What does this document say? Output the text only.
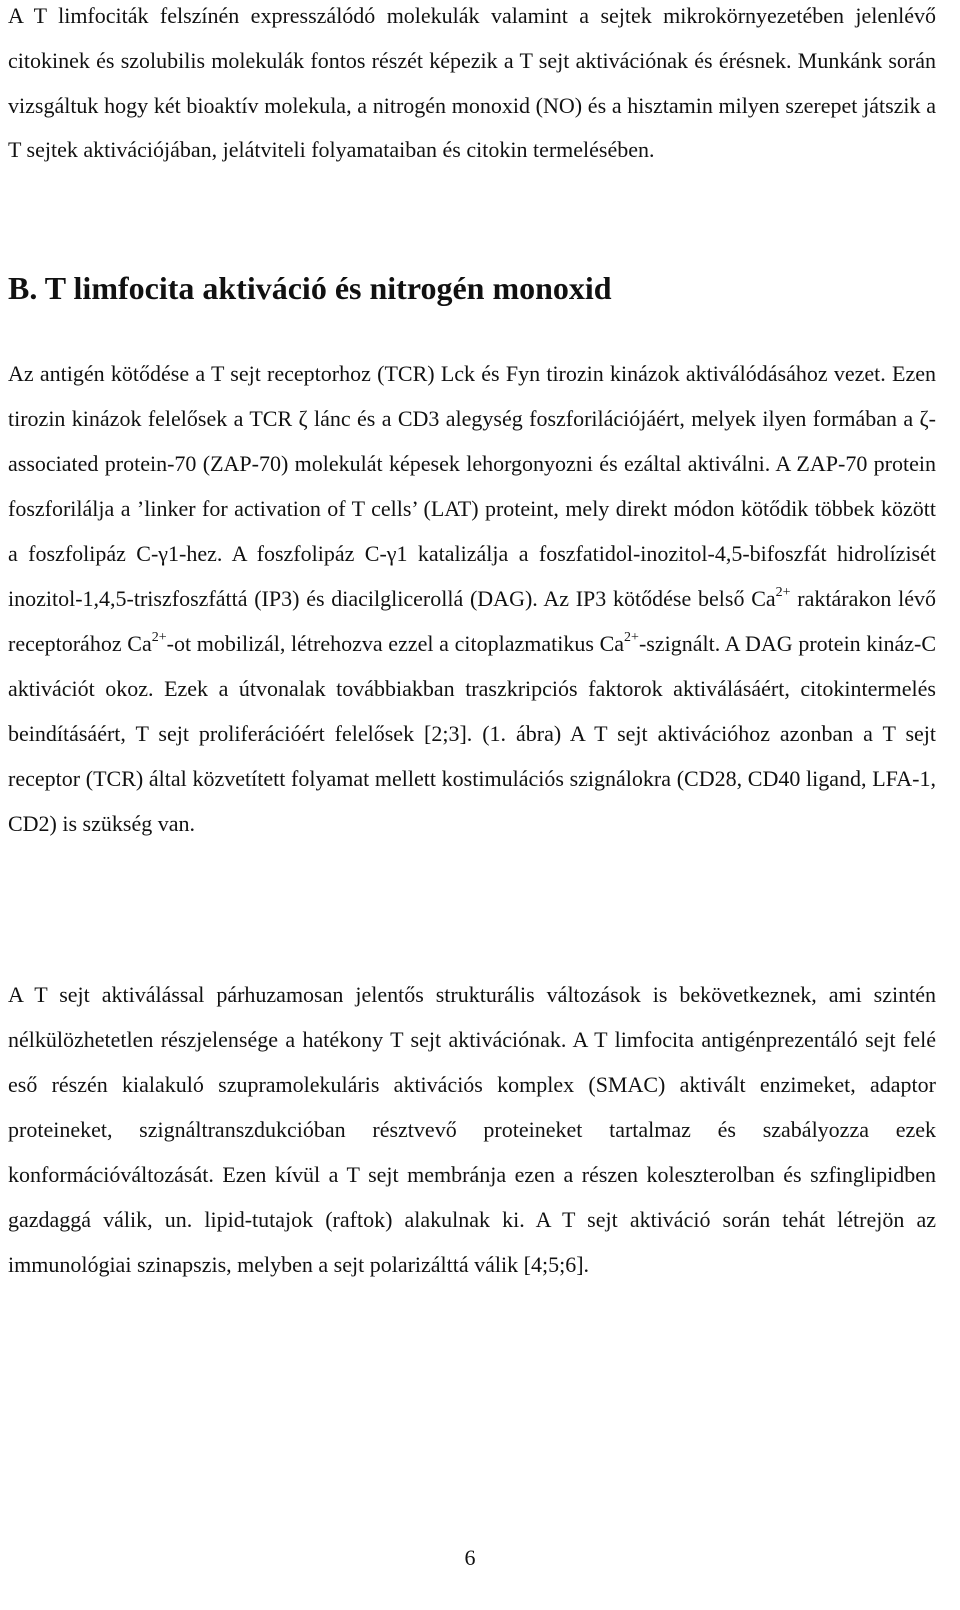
A T limfociták felszínén expresszálódó molekulák valamint a sejtek mikrokörnyezetében jelenlévő citokinek és szolubilis molekulák fontos részét képezik a T sejt aktivációnak és érésnek. Munkánk során vizsgáltuk hogy két bioaktív molekula, a nitrogén monoxid (NO) és a hisztamin milyen szerepet játszik a T sejtek aktivációjában, jelátviteli folyamataiban és citokin termelésében.

B. T limfocita aktiváció és nitrogén monoxid

Az antigén kötődése a T sejt receptorhoz (TCR) Lck és Fyn tirozin kinázok aktiválódásához vezet. Ezen tirozin kinázok felelősek a TCR ζ lánc és a CD3 alegység foszforilációjáért, melyek ilyen formában a ζ- associated protein-70 (ZAP-70) molekulát képesek lehorgonyozni és ezáltal aktiválni. A ZAP-70 protein foszforilálja a ’linker for activation of T cells’ (LAT) proteint, mely direkt módon kötődik többek között a foszfolipáz C-γ1-hez. A foszfolipáz C-γ1 katalizálja a foszfatidol-inozitol-4,5-bifoszfát hidrolízisét inozitol-1,4,5-triszfoszfáttá (IP3) és diacilglicerollá (DAG). Az IP3 kötődése belső $Ca^{2+}$ raktárakon lévő receptorához $Ca^{2+}-ot$ mobilizál, létrehozva ezzel a citoplazmatikus $Ca^{2+}$-szignált. A DAG protein kináz-C aktivációt okoz. Ezek a útvonalak továbbiakban traszkripciós faktorok aktiválásáért, citokintermelés beindításáért, T sejt proliferációért felelősek [2;3]. (1. ábra) A T sejt aktivációhoz azonban a T sejt receptor (TCR) által közvetített folyamat mellett kostimulációs szignálokra (CD28, CD40 ligand, LFA-1, CD2) is szükség van.

A T sejt aktiválással párhuzamosan jelentős strukturális változások is bekövetkeznek, ami szintén nélkülözhetetlen részjelensége a hatékony T sejt aktivációnak. A T limfocita antigénprezentáló sejt felé eső részén kialakuló szupramolekuláris aktivációs komplex (SMAC) aktivált enzimeket, adaptor proteineket, szignáltranszdukcióban résztvevő proteineket tartalmaz és szabályozza ezek konformációváltozását. Ezen kívül a T sejt membránja ezen a részen koleszterolban és szfinglipidben gazdaggá válik, un. lipid-tutajok (raftok) alakulnak ki. A T sejt aktiváció során tehát létrejön az immunológiai szinapszis, melyben a sejt polarizálttá válik [4;5;6].

6
